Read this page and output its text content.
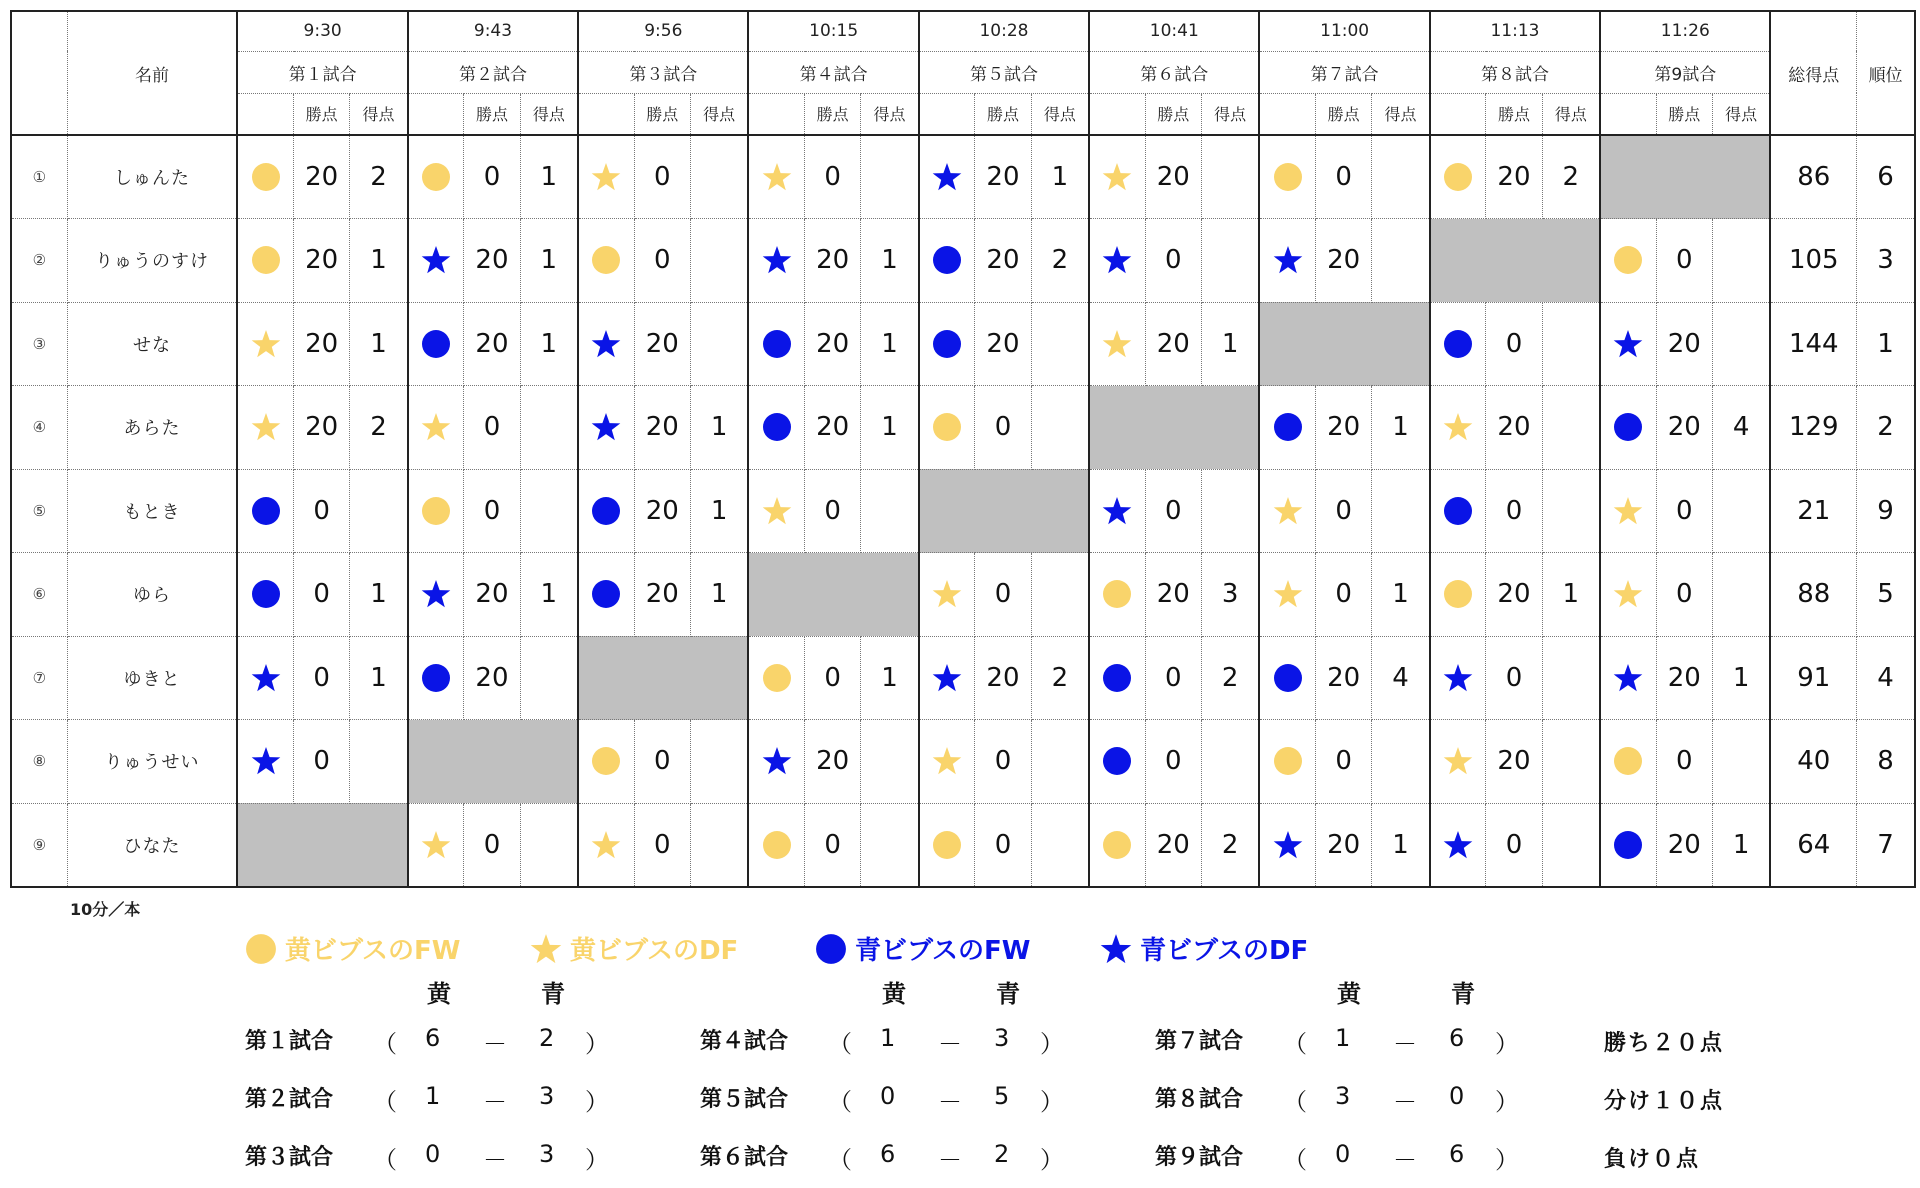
	名前	9:30			9:43			9:56			10:15			10:28			10:41			11:00			11:13			11:26			総得点	順位
		第１試合			第２試合			第３試合			第４試合			第５試合			第６試合			第７試合			第８試合			第9試合				
			勝点	得点		勝点	得点		勝点	得点		勝点	得点		勝点	得点		勝点	得点		勝点	得点		勝点	得点		勝点	得点		
①	しゅんた		20	2		0	1		0			0			20	1		20			0			20	2				86	6
②	りゅうのすけ		20	1		20	1		0			20	1		20	2		0			20						0		105	3
③	せな		20	1		20	1		20			20	1		20			20	1					0			20		144	1
④	あらた		20	2		0			20	1		20	1		0						20	1		20			20	4	129	2
⑤	もとき		0			0			20	1		0						0			0			0			0		21	9
⑥	ゆら		0	1		20	1		20	1					0			20	3		0	1		20	1		0		88	5
⑦	ゆきと		0	1		20						0	1		20	2		0	2		20	4		0			20	1	91	4
⑧	りゅうせい		0						0			20			0			0			0			20			0		40	8
⑨	ひなた					0			0			0			0			20	2		20	1		0			20	1	64	7
10分／本
黄ビブスのFW	黄ビブスのDF	青ビブスのFW	青ビブスのDF
黄	青
第１試合 （ 6 － 2 ）
第２試合 （ 1 － 3 ）
第３試合 （ 0 － 3 ）
黄	青
第４試合 （ 1 － 3 ）
第５試合 （ 0 － 5 ）
第６試合 （ 6 － 2 ）
黄	青
第７試合 （ 1 － 6 ）
第８試合 （ 3 － 0 ）
第９試合 （ 0 － 6 ）
勝ち２０点
分け１０点
負け０点
